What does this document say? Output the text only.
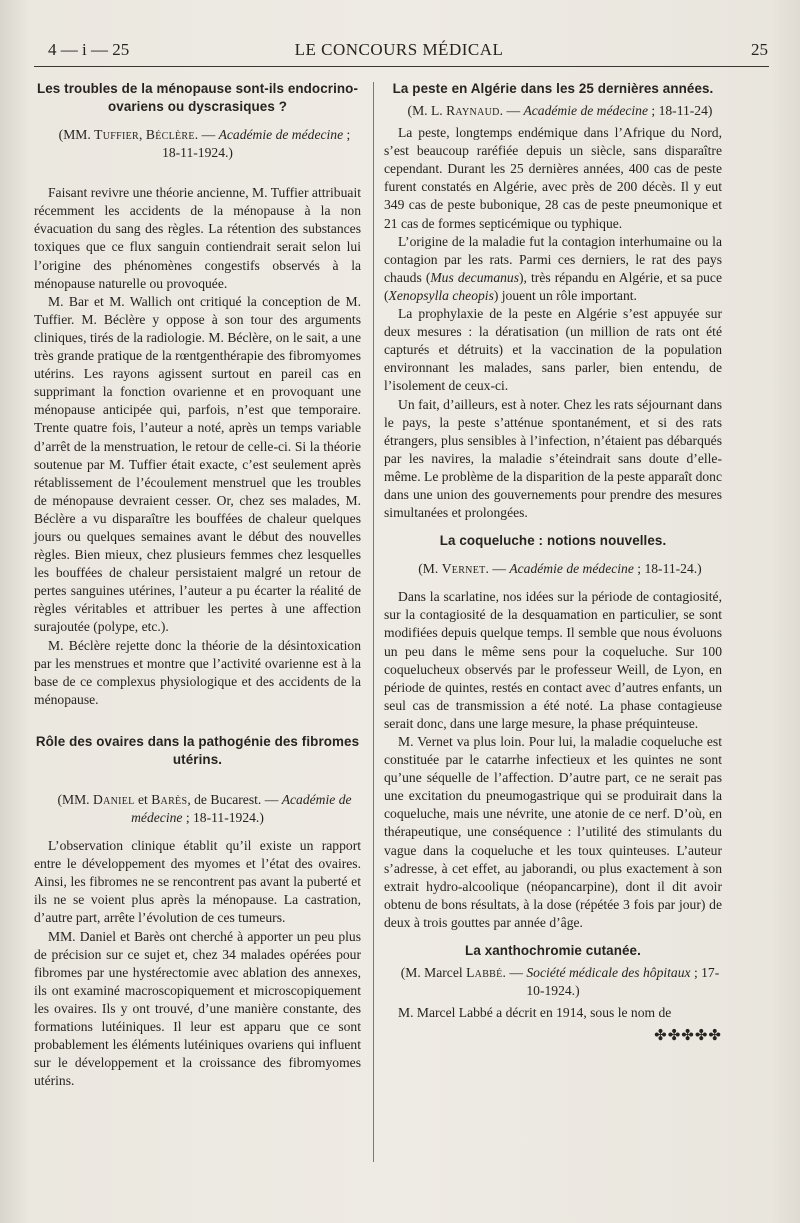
4 — i — 25	LE CONCOURS MÉDICAL	25
Les troubles de la ménopause sont-ils endocrino-ovariens ou dyscrasiques ?

(MM. Tuffier, Béclère. — Académie de médecine ; 18-11-1924.)

Faisant revivre une théorie ancienne, M. Tuffier attribuait récemment les accidents de la ménopause à la non évacuation du sang des règles. La rétention des substances toxiques que ce flux sanguin contiendrait serait selon lui l’origine des phénomènes congestifs observés à la ménopause naturelle ou provoquée.

M. Bar et M. Wallich ont critiqué la conception de M. Tuffier. M. Béclère y oppose à son tour des arguments cliniques, tirés de la radiologie. M. Béclère, on le sait, a une très grande pratique de la rœntgenthérapie des fibromyomes utérins. Les rayons agissent surtout en pareil cas en supprimant la fonction ovarienne et en provoquant une ménopause anticipée qui, parfois, n’est que temporaire. Trente quatre fois, l’auteur a noté, après un temps variable d’arrêt de la menstruation, le retour de celle-ci. Si la théorie soutenue par M. Tuffier était exacte, c’est seulement après rétablissement de l’écoulement menstruel que les troubles de ménopause devraient cesser. Or, chez ses malades, M. Béclère a vu disparaître les bouffées de chaleur quelques jours ou quelques semaines avant le début des nouvelles règles. Bien mieux, chez plusieurs femmes chez lesquelles les bouffées de chaleur persistaient malgré un retour de pertes sanguines utérines, l’auteur a pu écarter la réalité de règles véritables et attribuer les pertes à une affection surajoutée (polype, etc.).

M. Béclère rejette donc la théorie de la désintoxication par les menstrues et montre que l’activité ovarienne est à la base de ce complexus physiologique et des accidents de la ménopause.

Rôle des ovaires dans la pathogénie des fibromes utérins.

(MM. Daniel et Barès, de Bucarest. — Académie de médecine ; 18-11-1924.)

L’observation clinique établit qu’il existe un rapport entre le développement des myomes et l’état des ovaires. Ainsi, les fibromes ne se rencontrent pas avant la puberté et ils ne se voient plus après la ménopause. La castration, d’autre part, arrête l’évolution de ces tumeurs.

MM. Daniel et Barès ont cherché à apporter un peu plus de précision sur ce sujet et, chez 34 malades opérées pour fibromes par une hystérectomie avec ablation des annexes, ils ont examiné macroscopiquement et microscopiquement les ovaires. Ils y ont trouvé, d’une manière constante, des formations lutéiniques. Il leur est apparu que ce sont probablement les éléments lutéiniques ovariens qui influent sur le développement et la croissance des fibromyomes utérins.

La peste en Algérie dans les 25 dernières années.

(M. L. Raynaud. — Académie de médecine ; 18-11-24)

La peste, longtemps endémique dans l’Afrique du Nord, s’est beaucoup raréfiée depuis un siècle, sans disparaître cependant. Durant les 25 dernières années, 400 cas de peste furent constatés en Algérie, avec près de 200 décès. Il y eut 349 cas de peste bubonique, 28 cas de peste pneumonique et 21 cas de formes septicémique ou typhique.

L’origine de la maladie fut la contagion interhumaine ou la contagion par les rats. Parmi ces derniers, le rat des pays chauds (Mus decumanus), très répandu en Algérie, et sa puce (Xenopsylla cheopis) jouent un rôle important.

La prophylaxie de la peste en Algérie s’est appuyée sur deux mesures : la dératisation (un million de rats ont été capturés et détruits) et la vaccination de la population environnant les malades, sans parler, bien entendu, de l’isolement de ceux-ci.

Un fait, d’ailleurs, est à noter. Chez les rats séjournant dans le pays, la peste s’atténue spontanément, et si des rats étrangers, plus sensibles à l’infection, n’étaient pas débarqués par les navires, la maladie s’éteindrait sans doute d’elle-même. Le problème de la disparition de la peste apparaît donc dans une union des gouvernements pour prendre des mesures simultanées et prolongées.

La coqueluche : notions nouvelles.

(M. Vernet. — Académie de médecine ; 18-11-24.)

Dans la scarlatine, nos idées sur la période de contagiosité, sur la contagiosité de la desquamation en particulier, se sont modifiées depuis quelque temps. Il semble que nous évoluons un peu dans le même sens pour la coqueluche. Sur 100 coquelucheux observés par le professeur Weill, de Lyon, en période de quintes, restés en contact avec d’autres enfants, un seul cas de transmission a été noté. La phase contagieuse serait donc, dans une large mesure, la phase préquinteuse.

M. Vernet va plus loin. Pour lui, la maladie coqueluche est constituée par le catarrhe infectieux et les quintes ne sont qu’une séquelle de l’affection. D’autre part, ce ne serait pas une excitation du pneumogastrique qui se produirait dans la coqueluche, mais une névrite, une atonie de ce nerf. D’où, en thérapeutique, une conséquence : l’utilité des stimulants du vague dans la coqueluche et les toux quinteuses. L’auteur s’adresse, à cet effet, au jaborandi, ou plus exactement à son extrait hydro-alcoolique (néopancarpine), dont il dit avoir obtenu de bons résultats, à la dose (répétée 3 fois par jour) de deux à trois gouttes par année d’âge.

La xanthochromie cutanée.

(M. Marcel Labbé. — Société médicale des hôpitaux ; 17-10-1924.)

M. Marcel Labbé a décrit en 1914, sous le nom de

✤✤✤✤✤
